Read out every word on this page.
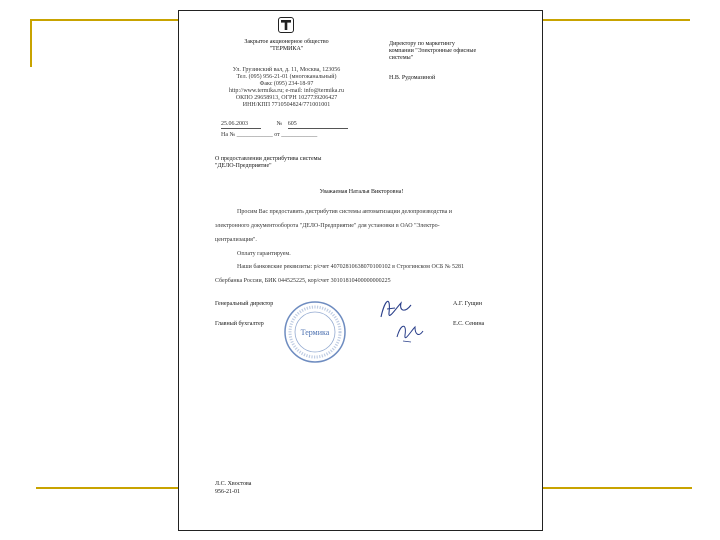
Закрытое акционерное общество
"ТЕРМИКА"
Ул. Грузинский вал, д. 11, Москва, 123056
Тел. (095) 956-21-01 (многоканальный)
Факс (095) 234-18-97
http://www.termika.ru; e-mail: info@termika.ru
ОКПО 29658913, ОГРН 1027739206427
ИНН/КПП 7710504824/771001001
Директору по маркетингу
компании "Электронные офисные
системы"
Н.В. Рудомазиной
25.06.2003	№ 605
На № ____________ от ____________
О предоставлении дистрибутива системы
"ДЕЛО-Предприятие"
Уважаемая Наталья Викторовна!
Просим Вас предоставить дистрибутив системы автоматизации делопроизводства и
электронного документооборота "ДЕЛО-Предприятие" для установки в ОАО "Электро-
централизация".
Оплату гарантируем.
Наши банковские реквизиты: р/счет 40702810638070100102 в Строгинском ОСБ № 5281
Сбербанка России, БИК 044525225, кор/счет 30101810400000000225
Генеральный директор	А.Г. Гущин
Главный бухгалтер	Е.С. Сенина
Термика
Л.С. Хвостова
956-21-01
